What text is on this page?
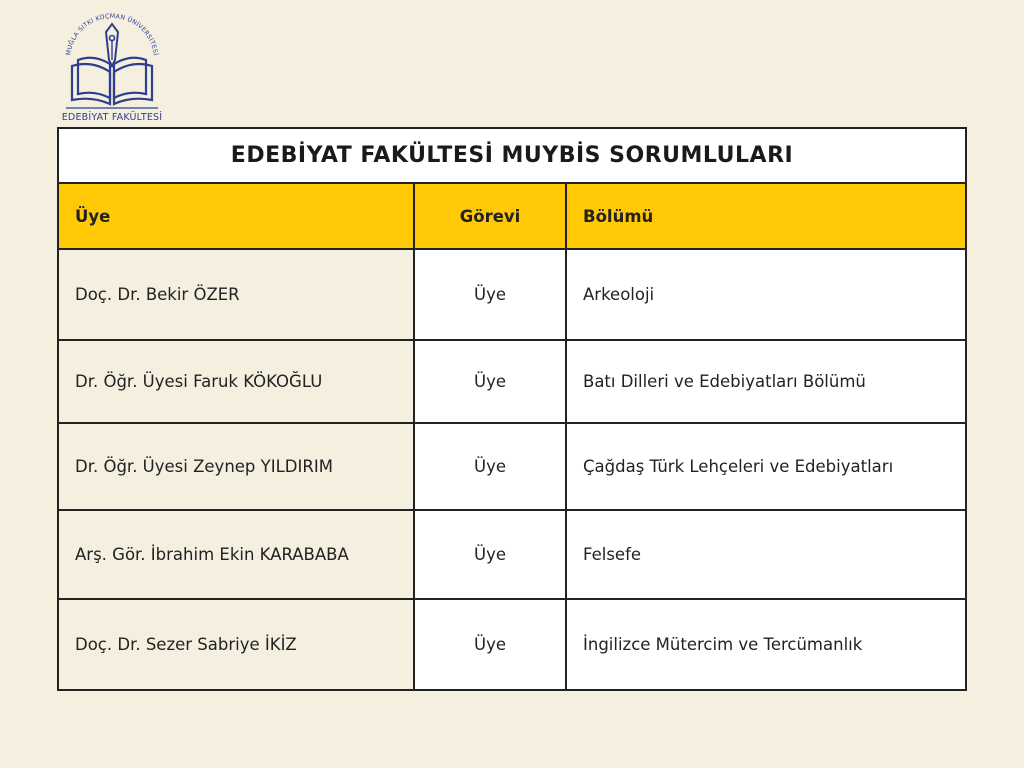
MUĞLA SITKI KOÇMAN ÜNİVERSİTESİ
EDEBİYAT FAKÜLTESİ
EDEBİYAT FAKÜLTESİ MUYBİS SORUMLULARI
Üye	Görevi	Bölümü
Doç. Dr. Bekir ÖZER	Üye	Arkeoloji
Dr. Öğr. Üyesi Faruk KÖKOĞLU	Üye	Batı Dilleri ve Edebiyatları Bölümü
Dr. Öğr. Üyesi Zeynep YILDIRIM	Üye	Çağdaş Türk Lehçeleri ve Edebiyatları
Arş. Gör. İbrahim Ekin KARABABA	Üye	Felsefe
Doç. Dr. Sezer Sabriye İKİZ	Üye	İngilizce Mütercim ve Tercümanlık
